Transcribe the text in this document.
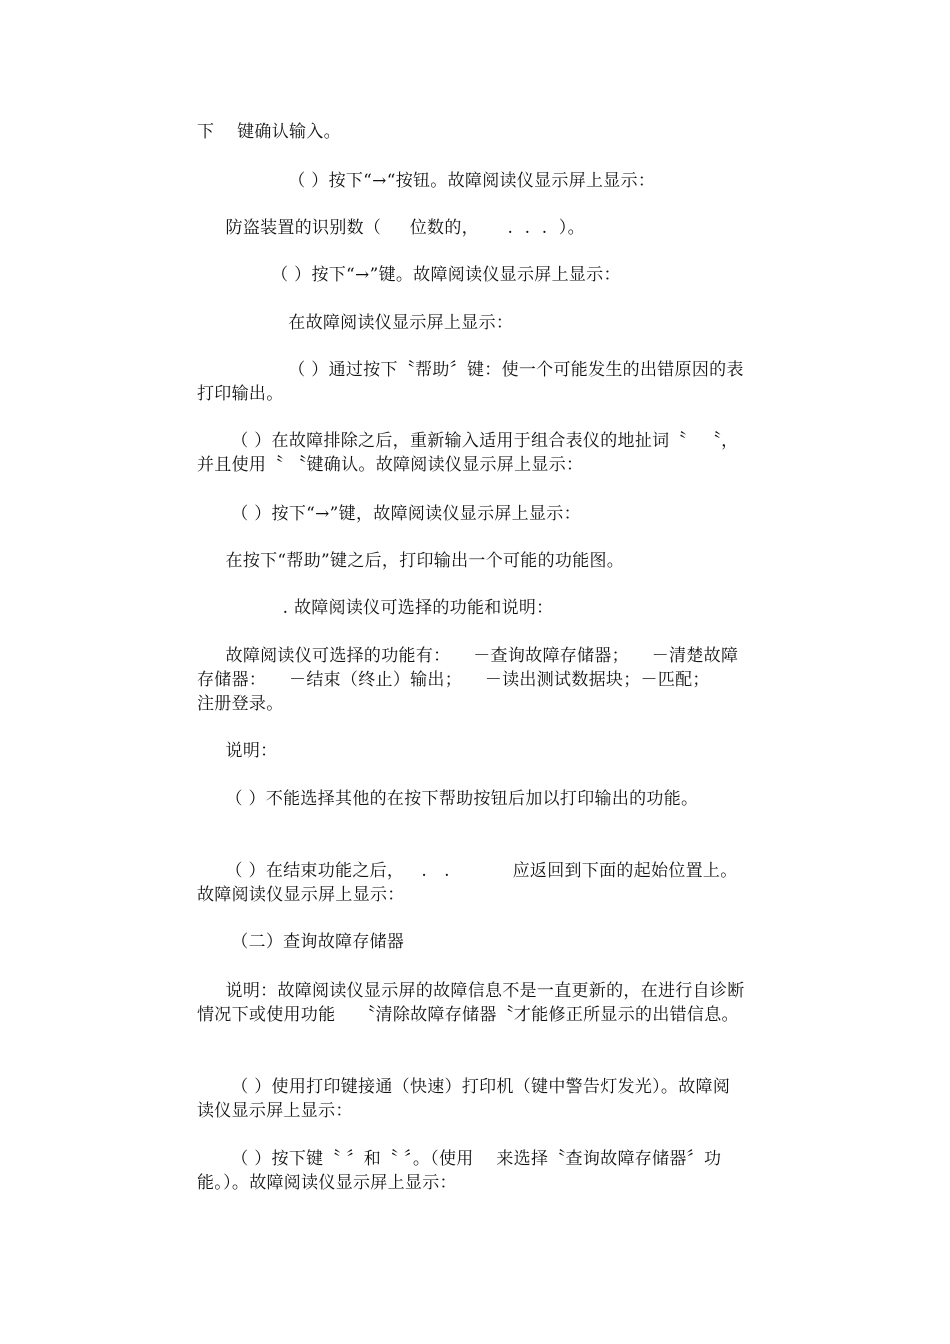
下    键确认输入。

（ ）按下“→“按钮。故障阅读仪显示屏上显示：

防盗装置的识别数（     位数的，     .  .  .  ）。

（ ）按下“→”键。故障阅读仪显示屏上显示：

在故障阅读仪显示屏上显示：

（ ）通过按下〝帮助〞键：使一个可能发生的出错原因的表打印输出。

（ ）在故障排除之后，重新输入适用于组合表仪的地扯词〝   〝，并且使用〝 〝键确认。故障阅读仪显示屏上显示：

（ ）按下“→”键，故障阅读仪显示屏上显示：

在按下“帮助”键之后，打印输出一个可能的功能图。

. 故障阅读仪可选择的功能和说明：

故障阅读仪可选择的功能有：    －查询故障存储器；    －清楚故障存储器：    －结束（终止）输出；    －读出测试数据块；－匹配；     注册登录。

说明：

（ ）不能选择其他的在按下帮助按钮后加以打印输出的功能。

（ ）在结束功能之后，   .   .           应返回到下面的起始位置上。故障阅读仪显示屏上显示：

（二）查询故障存储器

说明：故障阅读仪显示屏的故障信息不是一直更新的，在进行自诊断情况下或使用功能    〝清除故障存储器〝才能修正所显示的出错信息。

（ ）使用打印键接通（快速）打印机（键中警告灯发光）。故障阅读仪显示屏上显示：

（ ）按下键〝 〞和〝 〞。（使用    来选择〝查询故障存储器〞功能。）。故障阅读仪显示屏上显示：
